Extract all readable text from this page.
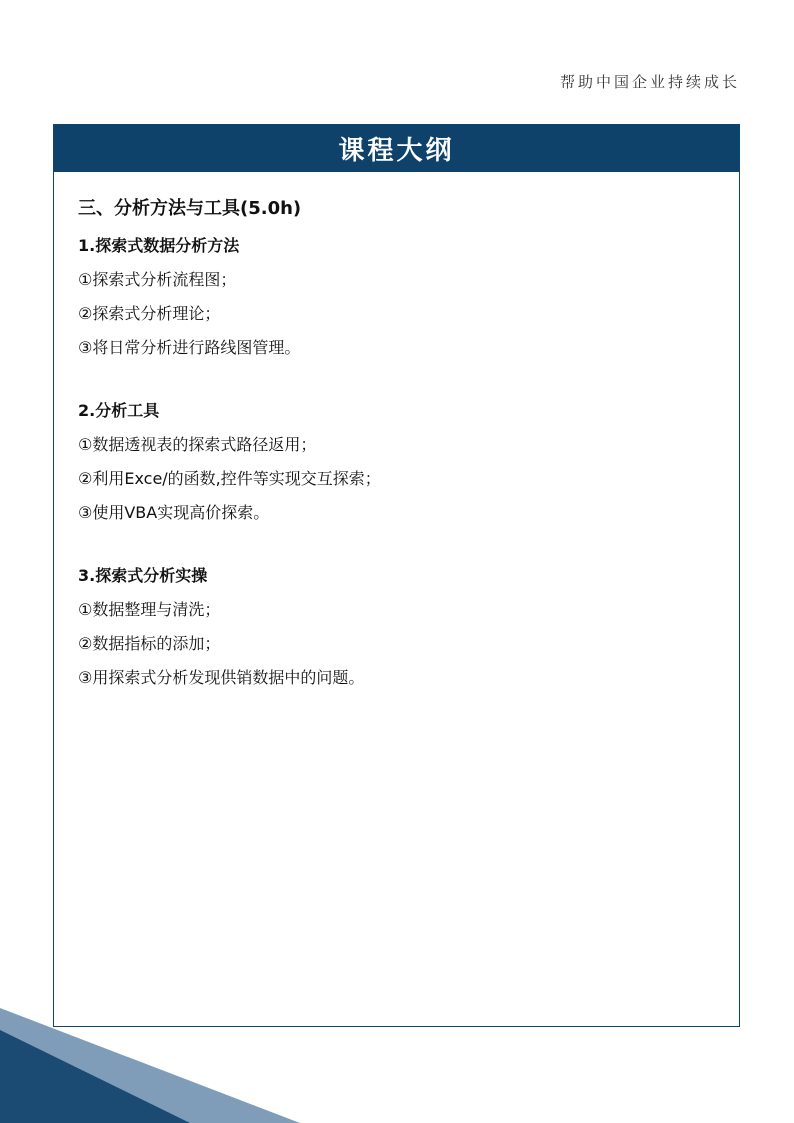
帮助中国企业持续成长
课程大纲
三、分析方法与工具(5.0h)
1.探索式数据分析方法
①探索式分析流程图；
②探索式分析理论；
③将日常分析进行路线图管理。
2.分析工具
①数据透视表的探索式路径返用；
②利用Exce/的函数,控件等实现交互探索；
③使用VBA实现高价探索。
3.探索式分析实操
①数据整理与清洗；
②数据指标的添加；
③用探索式分析发现供销数据中的问题。
